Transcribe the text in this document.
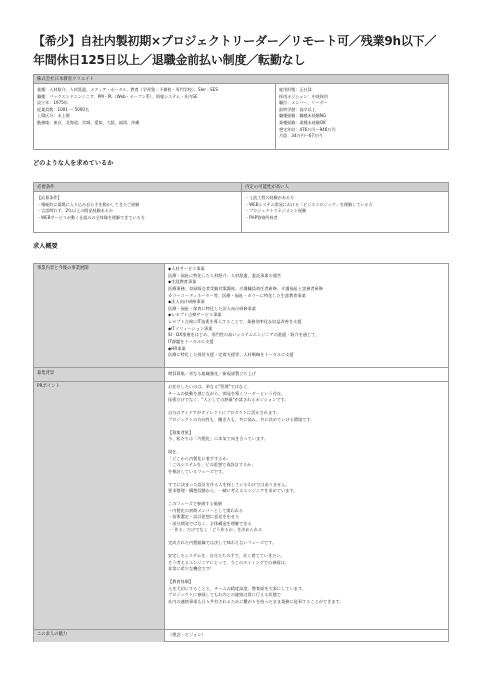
【希少】自社内製初期×プロジェクトリーダー／リモート可／残業9h以下／年間休日125日以上／退職金前払い制度／転勤なし
株式会社日本教育クリエイト
業種：人材紹介、人材派遣、メディア・ポータル、教育（学習塾・予備校・専門学校）、SIer・SES
職種：バックエンドエンジニア、PM・PL（Web・オープン系）、情報システム・社内SE
設立年：1975年
従業員数：1001 〜 5000名
上場区分：未上場
勤務地：東京、北海道、宮城、愛知、大阪、福岡、沖縄
雇用形態：正社員
採用ポジション：中途採用
職位：メンバー、リーダー
最終学歴：高卒以上
職種経験：職種未経験NG
業種経験：業種未経験OK
想定年収：476万円〜946万円
月給：34万円〜67万円
どのような人を求めているか
必要条件	内定の可能性が高い人
【応募条件】
・積極的に現場に入り込み自ら手を動かしてきたご経験
・言語問わず、2年以上の開発経験あるか
・WEBサービスが動く仕組みの全体像を理解できている方
・上流工程の経験がある方
・WEBシステム開発における「ビジネスロジック」を理解している方
・プロジェクトマネジメント経験
・PHP資格所持者
求人概要
事業内容と今後の事業展開	◆人材サービス事業
医療・福祉に特化した人材紹介、人材派遣、委託事業の運営
◆生涯教育事業
医療事務、登録販売者受験対策講座、介護職員初任者研修、介護福祉士実務者研修
カラーコーディネーター等、医療・福祉・カラーに特化した生涯教育事業
◆法人向け研修事業
医療・福祉・保育に特化した法人向け研修事業
◆レセプト点検サービス事業
レセプト点検にIT技術を導入することで、業務効率化＆収益改善を支援
◆ITソリューション事業
SI・DX推進をはじめ、専門性の高いシステムエンジニアの派遣・紹介を通じて、
IT課題をトータルに支援
◆HR事業
医療に特化した採用支援・定着支援等、人材戦略をトータルに支援
募集背景	増員募集／更なる組織強化／新規部署立ち上げ
PRポイント	お任せしたいのは、単なる"管理"ではなく、
チームの鼓動を感じながら、開発を導くリーダーという存在。
技術だけでなく、"人としての熱量"が試されるポジションです。

自分のアイデアがダイレクトにプロダクトに活かされます。
プロジェクトの方向性も、働き方も、共に悩み、共に決めていける環境です。

【募集背景】
今、私たちは「内製化」に本気で向き合っています。

現在、
「どこから内製化に着手するか」
「このシステムを、どの思想で再設計するか」
を検討しているフェーズです。

すでに決まった設計を作る人を探しているわけではありません。
要求整理・構想段階から、一緒に考えるエンジニアを求めています。

このフェーズで参画する価値
・内製化の初期メンバーとして関われる
・技術選定・設計思想に意見を出せる
・部分開発ではなく、全体構造を理解できる
・「作る」だけでなく「どう作るか」を決められる

完成された内製組織では決して味わえないフェーズです。

安定したシステムを、自分たちの手で、長く育てていきたい。
そう考えるエンジニアにとって、今このタイミングでの参画は、
非常に希少な機会です！

【教育体制】
人を大切にすることと、チームの精度高度、教育面を大事にしています。
プロジェクトに参画してもわ内との連絡は常に行える状態で
社内の連絡事項も日々共有されるために繋がりを持ったまま業務に従事することができます。
この求人の魅力	（理念・ビジョン）
